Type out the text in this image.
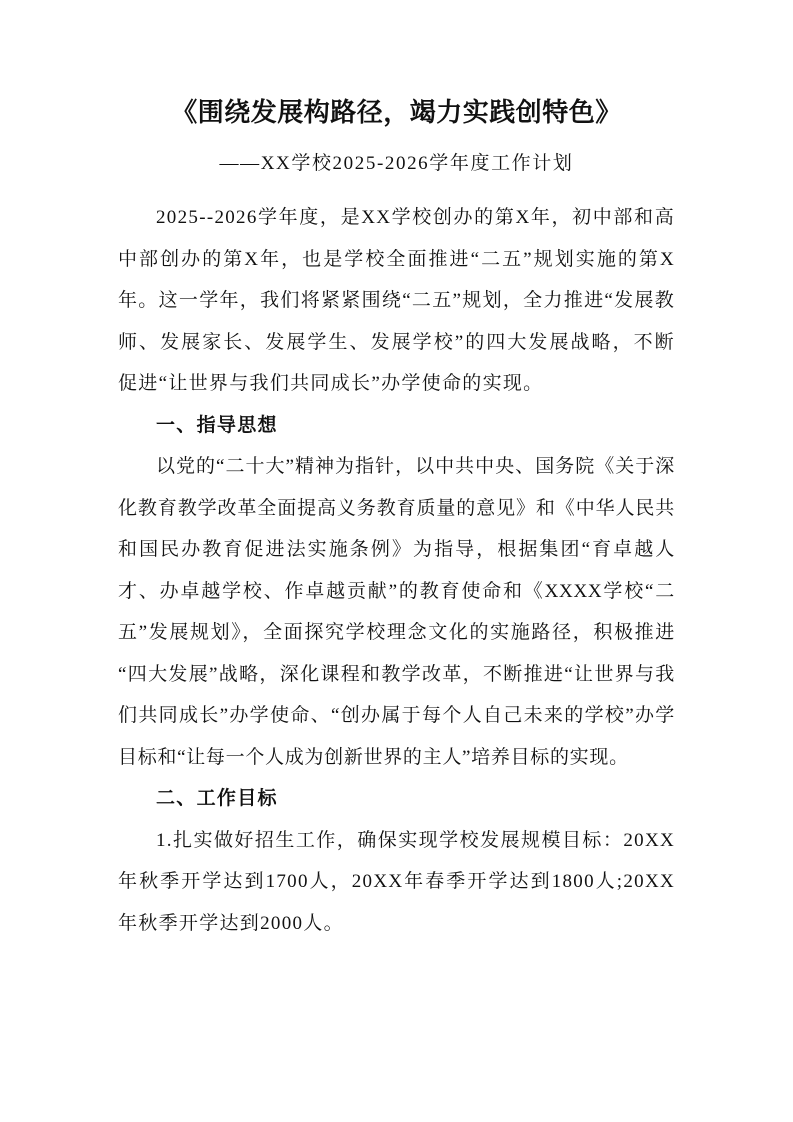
《围绕发展构路径，竭力实践创特色》

——XX学校2025-2026学年度工作计划

2025--2026学年度，是XX学校创办的第X年，初中部和高中部创办的第X年，也是学校全面推进“二五”规划实施的第X年。这一学年，我们将紧紧围绕“二五”规划，全力推进“发展教师、发展家长、发展学生、发展学校”的四大发展战略，不断促进“让世界与我们共同成长”办学使命的实现。

一、指导思想

以党的“二十大”精神为指针，以中共中央、国务院《关于深化教育教学改革全面提高义务教育质量的意见》和《中华人民共和国民办教育促进法实施条例》为指导，根据集团“育卓越人才、办卓越学校、作卓越贡献”的教育使命和《XXXX学校“二五”发展规划》，全面探究学校理念文化的实施路径，积极推进“四大发展”战略，深化课程和教学改革，不断推进“让世界与我们共同成长”办学使命、“创办属于每个人自己未来的学校”办学目标和“让每一个人成为创新世界的主人”培养目标的实现。

二、工作目标

1.扎实做好招生工作，确保实现学校发展规模目标：20XX年秋季开学达到1700人，20XX年春季开学达到1800人;20XX年秋季开学达到2000人。
